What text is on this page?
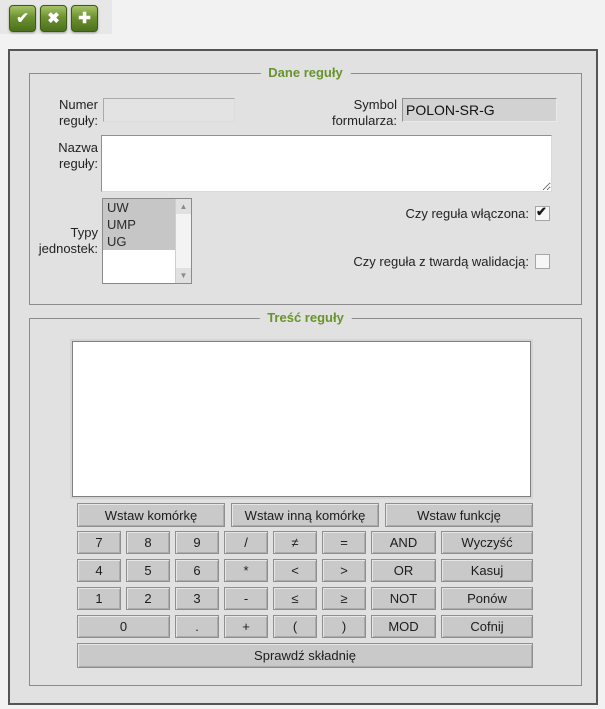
✔	✖	✚
Dane reguły
Numer reguły:
Symbol formularza:
POLON-SR-G
Nazwa reguły:
Typy jednostek:
UW
UMP
UG
▲
▼
Czy reguła włączona: ✔
Czy reguła z twardą walidacją:
Treść reguły
Wstaw komórkę	Wstaw inną komórkę	Wstaw funkcję
7	8	9	/	≠	=	AND	Wyczyść
4	5	6	*	<	>	OR	Kasuj
1	2	3	-	≤	≥	NOT	Ponów
0	.	+	(	)	MOD	Cofnij
Sprawdź składnię
